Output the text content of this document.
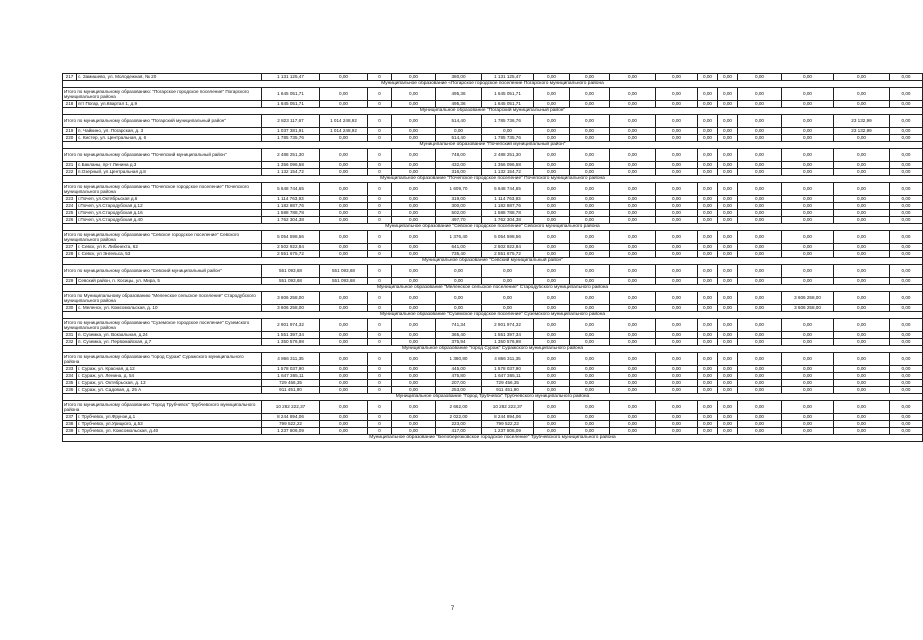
217	с. Замишево, ул. Молодежная, № 20	1 131 125,47	0,00	0	0,00	380,00	1 131 125,47	0,00	0,00	0,00	0,00	0,00	0,00	0,00	0,00	0,00	0,00
Муниципальное образование «Погарское городское поселение Погарского муниципального района																	
Итого по муниципальному образованию: "Погарское городское поселение" Погарского муниципального района		1 645 051,71	0,00	0	0,00	495,36	1 645 051,71	0,00	0,00	0,00	0,00	0,00	0,00	0,00	0,00	0,00	0,00
218	пгт Погар, ул.Квартал 1, д.9	1 645 051,71	0,00	0	0,00	495,36	1 645 051,71	0,00	0,00	0,00	0,00	0,00	0,00	0,00	0,00	0,00	0,00
Муниципальное образование "Погарский муниципальный район"																	
Итого по муниципальному образованию "Погарский муниципальный район"		2 823 117,67	1 014 248,92	0	0,00	514,40	1 785 736,76	0,00	0,00	0,00	0,00	0,00	0,00	0,00	0,00	23 132,99	0,00
219	п. Чайкино, ул. Погарская, д. 3	1 037 381,91	1 014 248,92	0	0,00	0,00	0,00	0,00	0,00	0,00	0,00	0,00	0,00	0,00	0,00	23 132,99	0,00
220	с. Кистер, ул. Центральная, д. 6	1 785 735,76	0,00	0	0,00	514,40	1 785 735,76	0,00	0,00	0,00	0,00	0,00	0,00	0,00	0,00	0,00	0,00
Муниципальное образование "Почепский муниципальный район"																	
Итого по муниципальному образованию "Почепский муниципальный район"		2 488 251,30	0,00	0	0,00	748,00	2 488 251,30	0,00	0,00	0,00	0,00	0,00	0,00	0,00	0,00	0,00	0,00
221	с.Бакланы, пр-т Ленина д.3	1 356 096,58	0,00	0	0,00	432,00	1 356 096,58	0,00	0,00	0,00	0,00	0,00	0,00	0,00	0,00	0,00	0,00
222	п.Озерный, ул.Центральная д.8	1 132 154,72	0,00	0	0,00	316,00	1 132 154,72	0,00	0,00	0,00	0,00	0,00	0,00	0,00	0,00	0,00	0,00
Муниципальное образование "Почепское городское поселение" Почепского муниципального района																	
Итого по муниципальному образованию "Почепское городское поселение" Почепского муниципального района		5 648 744,65	0,00	0	0,00	1 609,70	5 648 744,65	0,00	0,00	0,00	0,00	0,00	0,00	0,00	0,00	0,00	0,00
223	г.Почеп, ул.Октябрьская д.6	1 114 763,93	0,00	0	0,00	319,00	1 114 763,93	0,00	0,00	0,00	0,00	0,00	0,00	0,00	0,00	0,00	0,00
224	г.Почеп, ул.Стародубская д.12	1 182 887,76	0,00	0	0,00	300,00	1 182 887,76	0,00	0,00	0,00	0,00	0,00	0,00	0,00	0,00	0,00	0,00
225	г.Почеп, ул.Стародубская д.16	1 588 788,78	0,00	0	0,00	502,00	1 588 788,78	0,00	0,00	0,00	0,00	0,00	0,00	0,00	0,00	0,00	0,00
226	г.Почеп, ул.Стародубская д.40	1 762 304,38	0,00	0	0,00	497,70	1 762 304,38	0,00	0,00	0,00	0,00	0,00	0,00	0,00	0,00	0,00	0,00
Муниципальное образование "Севское городское поселение" Севского муниципального района																	
Итого по муниципальному образованию "Севское городское поселение" Севского муниципального района		5 054 598,56	0,00	0	0,00	1 376,40	5 054 598,56	0,00	0,00	0,00	0,00	0,00	0,00	0,00	0,00	0,00	0,00
227	г. Севск, ул К. Либкнехта, 62	2 502 922,84	0,00	0	0,00	641,00	2 502 922,84	0,00	0,00	0,00	0,00	0,00	0,00	0,00	0,00	0,00	0,00
228	г. Севск, ул Энгельса, 53	2 551 675,72	0,00	0	0,00	735,40	2 551 675,72	0,00	0,00	0,00	0,00	0,00	0,00	0,00	0,00	0,00	0,00
Муниципальное образование "Севский муниципальный район"																	
Итого по муниципальному образованию "Севский муниципальный район"		551 093,68	551 093,68	0	0,00	0,00	0,00	0,00	0,00	0,00	0,00	0,00	0,00	0,00	0,00	0,00	0,00
229	Севский район, п. Косицы, ул. Мира, 5	551 093,68	551 093,68	0	0,00	0,00	0,00	0,00	0,00	0,00	0,00	0,00	0,00	0,00	0,00	0,00	0,00
Муниципальное образование "Меленское сельское поселение" Стародубского муниципального района																	
Итого по Муниципальному образованию "Меленское сельское поселение" Стародубского муниципального района		3 606 258,00	0,00	0	0,00	0,00	0,00	0,00	0,00	0,00	0,00	0,00	0,00	0,00	3 606 258,00	0,00	0,00
230	с. Меленск, ул. Комсомольская, д. 10	3 606 258,00	0,00	0	0,00	0,00	0,00	0,00	0,00	0,00	0,00	0,00	0,00	0,00	3 606 258,00	0,00	0,00
Муниципальное образование "Суземское городское поселение" Суземского муниципального района																	
Итого по муниципальному образованию "Суземское городское поселение" Суземского муниципального района		2 901 974,32	0,00	0	0,00	741,34	2 901 974,32	0,00	0,00	0,00	0,00	0,00	0,00	0,00	0,00	0,00	0,00
231	п. Суземка, ул. Вокзальная, д.24	1 551 397,34	0,00	0	0,00	365,40	1 551 397,34	0,00	0,00	0,00	0,00	0,00	0,00	0,00	0,00	0,00	0,00
232	п. Суземка, ул. Первомайская, д.7	1 350 576,98	0,00	0	0,00	375,94	1 350 576,98	0,00	0,00	0,00	0,00	0,00	0,00	0,00	0,00	0,00	0,00
Муниципальное образование "город Сураж" Суражского муниципального района																	
Итого по муниципальному образованию "город Сураж" Суражского муниципального района		4 866 311,35	0,00	0	0,00	1 380,80	4 866 311,35	0,00	0,00	0,00	0,00	0,00	0,00	0,00	0,00	0,00	0,00
233	г. Сураж, ул. Красная, д.12	1 578 037,90	0,00	0	0,00	445,00	1 578 037,90	0,00	0,00	0,00	0,00	0,00	0,00	0,00	0,00	0,00	0,00
234	г. Сураж, ул. Ленина, д. 54	1 647 365,11	0,00	0	0,00	475,80	1 647 365,11	0,00	0,00	0,00	0,00	0,00	0,00	0,00	0,00	0,00	0,00
235	г. Сураж, ул. Октябрьская, д. 13	729 456,35	0,00	0	0,00	207,00	729 456,35	0,00	0,00	0,00	0,00	0,00	0,00	0,00	0,00	0,00	0,00
236	г. Сураж, ул. Садовая, д. 25 А	911 451,90	0,00	0	0,00	253,00	911 451,90	0,00	0,00	0,00	0,00	0,00	0,00	0,00	0,00	0,00	0,00
Муниципальное образование "Город Трубчевск" Трубчевского муниципального района																	
Итого по муниципальному образованию "Город Трубчевск" Трубчевского муниципального района		10 282 222,37	0,00	0	0,00	2 662,00	10 282 222,37	0,00	0,00	0,00	0,00	0,00	0,00	0,00	0,00	0,00	0,00
237	г. Трубчевск, ул.Фрунзе,д.1	8 244 894,06	0,00	0	0,00	2 022,00	8 244 894,06	0,00	0,00	0,00	0,00	0,00	0,00	0,00	0,00	0,00	0,00
238	г. Трубчевск, ул.Урицкого, д.53	799 522,22	0,00	0	0,00	223,00	799 522,22	0,00	0,00	0,00	0,00	0,00	0,00	0,00	0,00	0,00	0,00
239	г. Трубчевск, ул. Комсомольская, д.40	1 237 806,09	0,00	0	0,00	417,00	1 237 806,09	0,00	0,00	0,00	0,00	0,00	0,00	0,00	0,00	0,00	0,00
Муниципальное образование "Белоберезковское городское поселение" Трубчевского муниципального района																	
7
